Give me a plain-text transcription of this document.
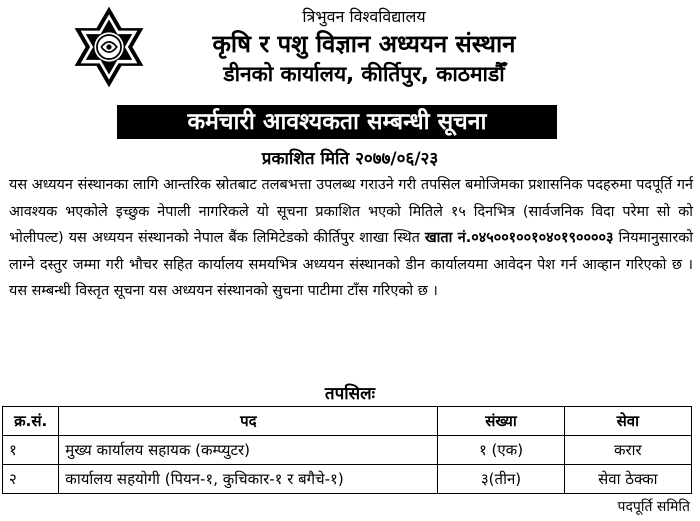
त्रिभुवन विश्वविद्यालय
कृषि र पशु विज्ञान अध्ययन संस्थान
डीनको कार्यालय, कीर्तिपुर, काठमाडौँ
कर्मचारी आवश्यकता सम्बन्धी सूचना
प्रकाशित मिति २०७७/०६/२३
यस अध्ययन संस्थानका लागि आन्तरिक स्रोतबाट तलबभत्ता उपलब्ध गराउने गरी तपसिल बमोजिमका प्रशासनिक पदहरुमा पदपूर्ति गर्न आवश्यक भएकोले इच्छुक नेपाली नागरिकले यो सूचना प्रकाशित भएको मितिले १५ दिनभित्र (सार्वजनिक विदा परेमा सो को भोलीपल्ट) यस अध्ययन संस्थानको नेपाल बैंक लिमिटेडको कीर्तिपुर शाखा स्थित खाता नं.०४५००१००१०४०१९००००३ नियमानुसारको लाग्ने दस्तुर जम्मा गरी भौचर सहित कार्यालय समयभित्र अध्ययन संस्थानको डीन कार्यालयमा आवेदन पेश गर्न आव्हान गरिएको छ । यस सम्बन्धी विस्तृत सूचना यस अध्ययन संस्थानको सुचना पाटीमा टाँस गरिएको छ ।
तपसिलः
क्र.सं.	पद	संख्या	सेवा
१	मुख्य कार्यालय सहायक (कम्प्युटर)	१ (एक)	करार
२	कार्यालय सहयोगी (पियन-१, कुचिकार-१ र बगैचे-१)	३(तीन)	सेवा ठेक्का
पदपूर्ति समिति
